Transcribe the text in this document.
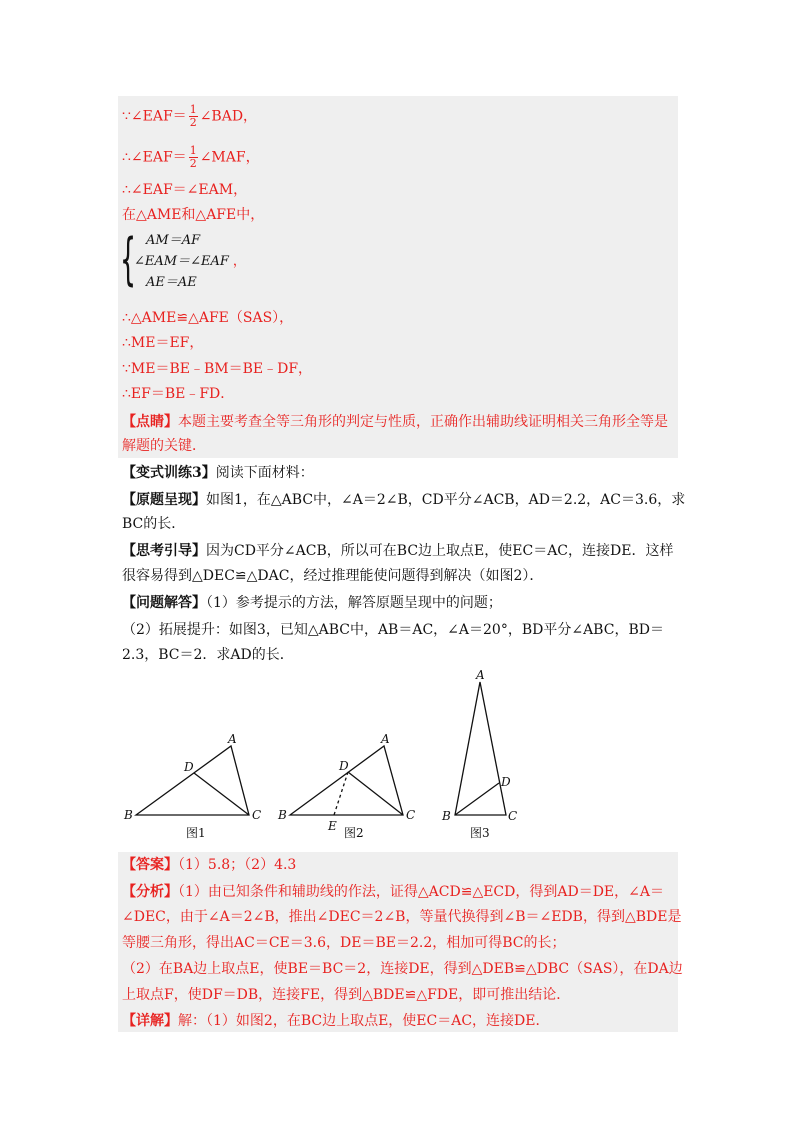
∵∠EAF＝ $\frac{1}{2}$ ∠BAD，
∴∠EAF＝ $\frac{1}{2}$ ∠MAF，
∴∠EAF＝∠EAM，
在△AME和△AFE中，
{ AM＝AF
∠EAM＝∠EAF ，
AE＝AE
∴△AME≌△AFE（SAS），
∴ME＝EF，
∵ME＝BE﹣BM＝BE﹣DF，
∴EF＝BE﹣FD．
【点睛】本题主要考查全等三角形的判定与性质，正确作出辅助线证明相关三角形全等是
解题的关键．
【变式训练3】阅读下面材料：
【原题呈现】如图1，在△ABC中，∠A＝2∠B，CD平分∠ACB，AD＝2.2，AC＝3.6，求
BC的长．
【思考引导】因为CD平分∠ACB，所以可在BC边上取点E，使EC＝AC，连接DE．这样
很容易得到△DEC≌△DAC，经过推理能使问题得到解决（如图2）．
【问题解答】（1）参考提示的方法，解答原题呈现中的问题；
（2）拓展提升：如图3，已知△ABC中，AB＝AC，∠A＝20°，BD平分∠ABC，BD＝
2.3，BC＝2．求AD的长．
A
D
B	C
A
D
B	C
E
A
D
B	C
图1	图2	图3
【答案】（1）5.8；（2）4.3
【分析】（1）由已知条件和辅助线的作法，证得△ACD≌△ECD，得到AD＝DE，∠A＝
∠DEC，由于∠A＝2∠B，推出∠DEC＝2∠B，等量代换得到∠B＝∠EDB，得到△BDE是
等腰三角形，得出AC＝CE＝3.6，DE＝BE＝2.2，相加可得BC的长；
（2）在BA边上取点E，使BE＝BC＝2，连接DE，得到△DEB≌△DBC（SAS），在DA边
上取点F，使DF＝DB，连接FE，得到△BDE≌△FDE，即可推出结论．
【详解】解：（1）如图2，在BC边上取点E，使EC＝AC，连接DE．
